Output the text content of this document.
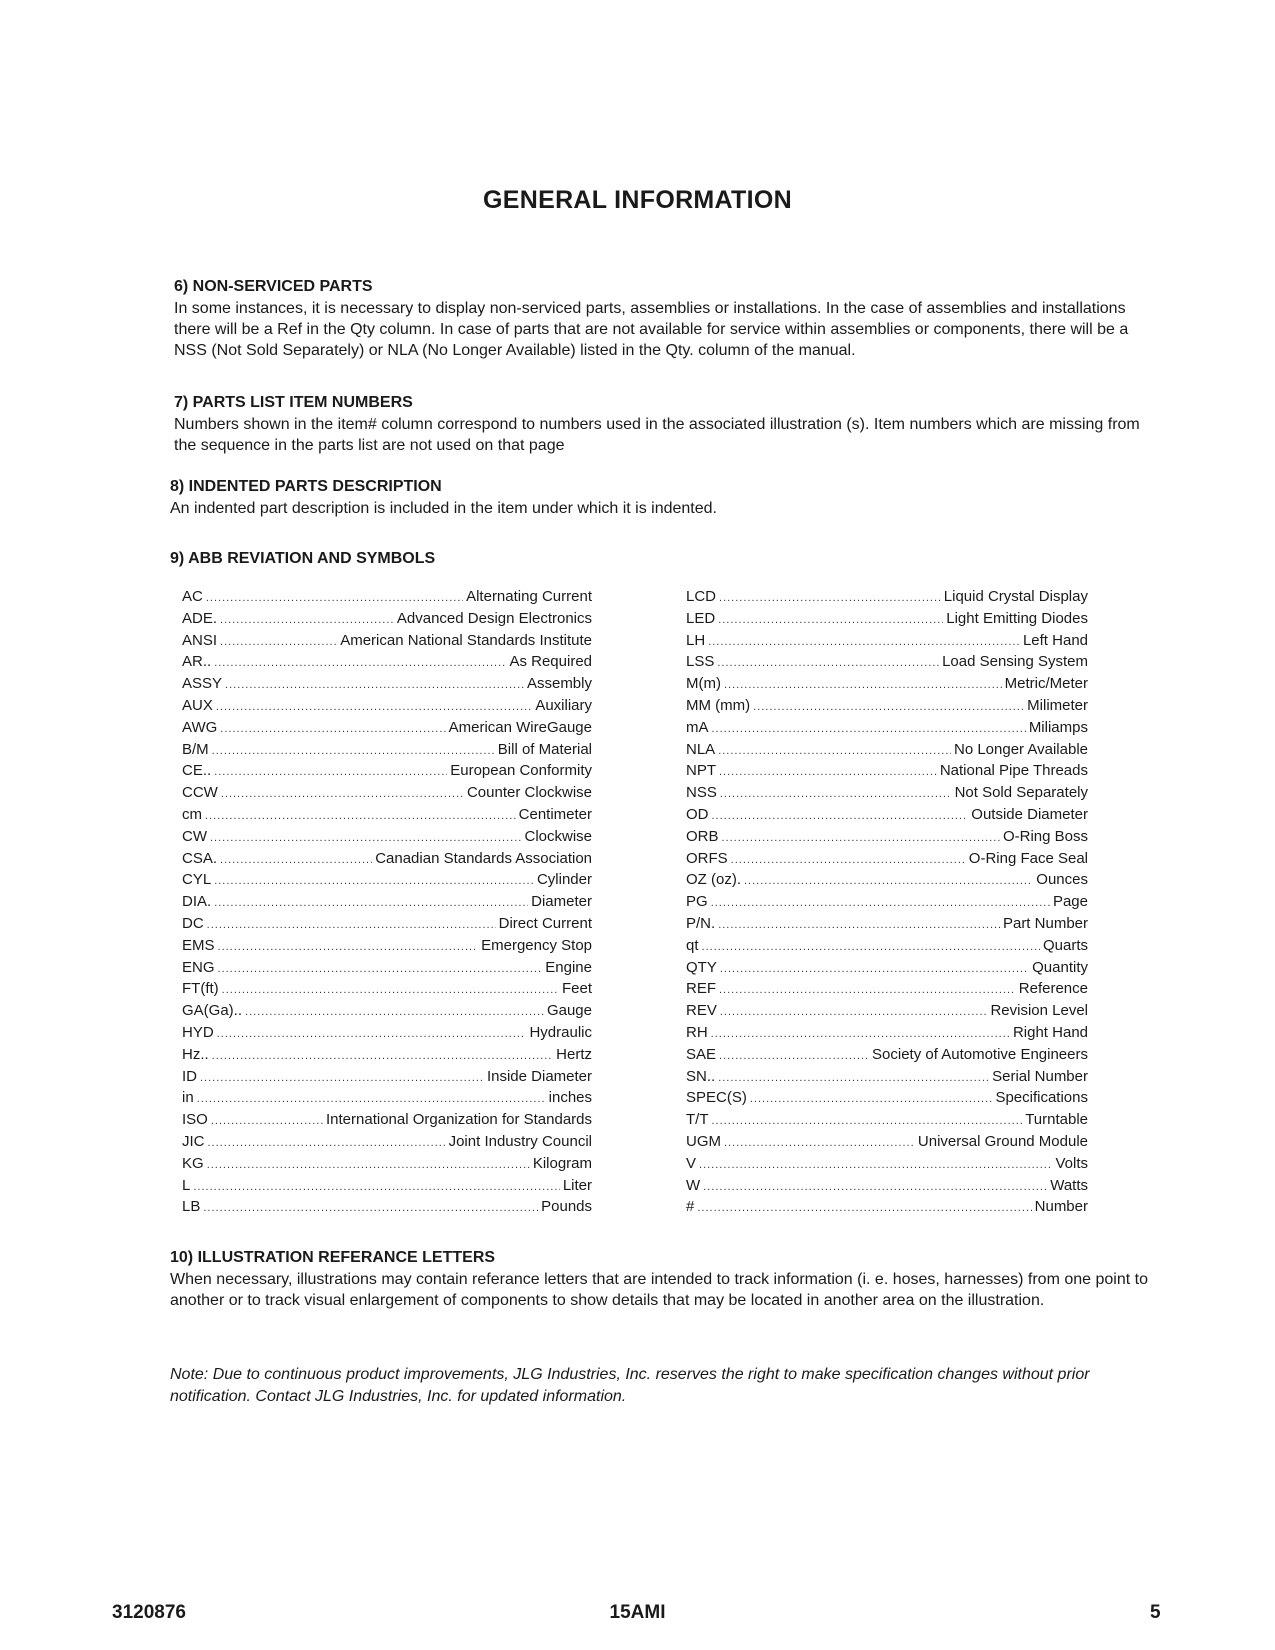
GENERAL INFORMATION
6) NON-SERVICED PARTS

In some instances, it is necessary to display non-serviced parts, assemblies or installations. In the case of assemblies and installations there will be a Ref in the Qty column. In case of parts that are not available for service within assemblies or components, there will be a NSS (Not Sold Separately) or NLA (No Longer Available) listed in the Qty. column of the manual.

7) PARTS LIST ITEM NUMBERS

Numbers shown in the item# column correspond to numbers used in the associated illustration (s). Item numbers which are missing from the sequence in the parts list are not used on that page

8) INDENTED PARTS DESCRIPTION

An indented part description is included in the item under which it is indented.

9) ABB REVIATION AND SYMBOLS
AC .....	Alternating Current
ADE. .....	Advanced Design Electronics
ANSI .....	American National Standards Institute
AR.. .....	As Required
ASSY .....	Assembly
AUX .....	Auxiliary
AWG .....	American WireGauge
B/M .....	Bill of Material
CE.. .....	European Conformity
CCW .....	Counter Clockwise
cm .....	Centimeter
CW .....	Clockwise
CSA. .....	Canadian Standards Association
CYL .....	Cylinder
DIA. .....	Diameter
DC .....	Direct Current
EMS .....	Emergency Stop
ENG .....	Engine
FT(ft) .....	Feet
GA(Ga).. .....	Gauge
HYD .....	Hydraulic
Hz.. .....	Hertz
ID .....	Inside Diameter
in .....	inches
ISO .....	International Organization for Standards
JIC .....	Joint Industry Council
KG .....	Kilogram
L .....	Liter
LB .....	Pounds
LCD .....	Liquid Crystal Display
LED .....	Light Emitting Diodes
LH .....	Left Hand
LSS .....	Load Sensing System
M(m) .....	Metric/Meter
MM (mm) .....	Milimeter
mA .....	Miliamps
NLA .....	No Longer Available
NPT .....	National Pipe Threads
NSS .....	Not Sold Separately
OD .....	Outside Diameter
ORB .....	O-Ring Boss
ORFS .....	O-Ring Face Seal
OZ (oz). .....	Ounces
PG .....	Page
P/N. .....	Part Number
qt .....	Quarts
QTY .....	Quantity
REF .....	Reference
REV .....	Revision Level
RH .....	Right Hand
SAE .....	Society of Automotive Engineers
SN.. .....	Serial Number
SPEC(S) .....	Specifications
T/T .....	Turntable
UGM .....	Universal Ground Module
V .....	Volts
W .....	Watts
# .....	Number
10) ILLUSTRATION REFERANCE LETTERS

When necessary, illustrations may contain referance letters that are intended to track information (i. e. hoses, harnesses) from one point to another or to track visual enlargement of components to show details that may be located in another area on the illustration.

Note: Due to continuous product improvements, JLG Industries, Inc. reserves the right to make specification changes without prior notification. Contact JLG Industries, Inc. for updated information.
3120876	15AMI	5
